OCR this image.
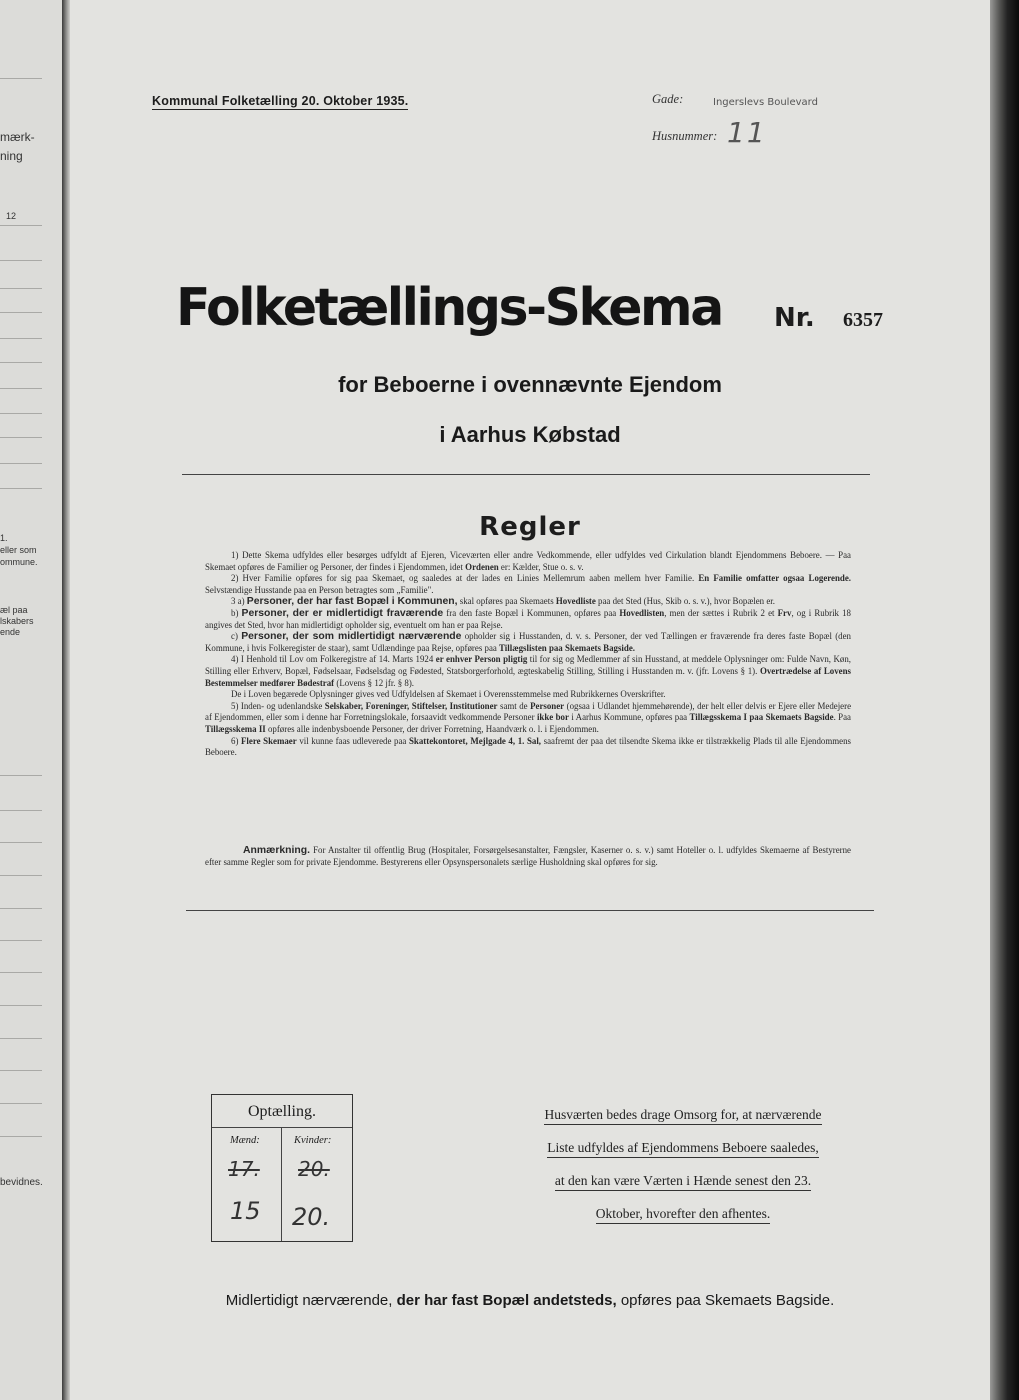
mærk-
ning
12
1.
eller som
ommune.
æl paa
lskabers
ende
bevidnes.
Kommunal Folketælling 20. Oktober 1935.	Gade:	Ingerslevs Boulevard
Husnummer: 11
Folketællings-Skema Nr. 6357
for Beboerne i ovennævnte Ejendom
i Aarhus Købstad
Regler

1) Dette Skema udfyldes eller besørges udfyldt af Ejeren, Viceværten eller andre Vedkommende, eller udfyldes ved Cirkulation blandt Ejendommens Beboere. — Paa Skemaet opføres de Familier og Personer, der findes i Ejendommen, idet Ordenen er: Kælder, Stue o. s. v.

2) Hver Familie opføres for sig paa Skemaet, og saaledes at der lades en Linies Mellemrum aaben mellem hver Familie. En Familie omfatter ogsaa Logerende. Selvstændige Husstande paa en Person betragtes som „Familie".

3 a) Personer, der har fast Bopæl i Kommunen, skal opføres paa Skemaets Hovedliste paa det Sted (Hus, Skib o. s. v.), hvor Bopælen er.

b) Personer, der er midlertidigt fraværende fra den faste Bopæl i Kommunen, opføres paa Hovedlisten, men der sættes i Rubrik 2 et Frv, og i Rubrik 18 angives det Sted, hvor han midlertidigt opholder sig, eventuelt om han er paa Rejse.

c) Personer, der som midlertidigt nærværende opholder sig i Husstanden, d. v. s. Personer, der ved Tællingen er fraværende fra deres faste Bopæl (den Kommune, i hvis Folkeregister de staar), samt Udlændinge paa Rejse, opføres paa Tillægslisten paa Skemaets Bagside.

4) I Henhold til Lov om Folkeregistre af 14. Marts 1924 er enhver Person pligtig til for sig og Medlemmer af sin Husstand, at meddele Oplysninger om: Fulde Navn, Køn, Stilling eller Erhverv, Bopæl, Fødselsaar, Fødselsdag og Fødested, Statsborgerforhold, ægteskabelig Stilling, Stilling i Husstanden m. v. (jfr. Lovens § 1). Overtrædelse af Lovens Bestemmelser medfører Bødestraf (Lovens § 12 jfr. § 8).

De i Loven begærede Oplysninger gives ved Udfyldelsen af Skemaet i Overensstemmelse med Rubrikkernes Overskrifter.

5) Inden- og udenlandske Selskaber, Foreninger, Stiftelser, Institutioner samt de Personer (ogsaa i Udlandet hjemmehørende), der helt eller delvis er Ejere eller Medejere af Ejendommen, eller som i denne har Forretningslokale, forsaavidt vedkommende Personer ikke bor i Aarhus Kommune, opføres paa Tillægsskema I paa Skemaets Bagside. Paa Tillægsskema II opføres alle indenbysboende Personer, der driver Forretning, Haandværk o. l. i Ejendommen.

6) Flere Skemaer vil kunne faas udleverede paa Skattekontoret, Mejlgade 4, 1. Sal, saafremt der paa det tilsendte Skema ikke er tilstrækkelig Plads til alle Ejendommens Beboere.

Anmærkning. For Anstalter til offentlig Brug (Hospitaler, Forsørgelsesanstalter, Fængsler, Kaserner o. s. v.) samt Hoteller o. l. udfyldes Skemaerne af Bestyrerne efter samme Regler som for private Ejendomme. Bestyrerens eller Opsynspersonalets særlige Husholdning skal opføres for sig.
Optælling.
Mænd:	Kvinder:
17. 20.
15 20.
Husværten bedes drage Omsorg for, at nærværende
Liste udfyldes af Ejendommens Beboere saaledes,
at den kan være Værten i Hænde senest den 23.
Oktober, hvorefter den afhentes.
Midlertidigt nærværende, der har fast Bopæl andetsteds, opføres paa Skemaets Bagside.
